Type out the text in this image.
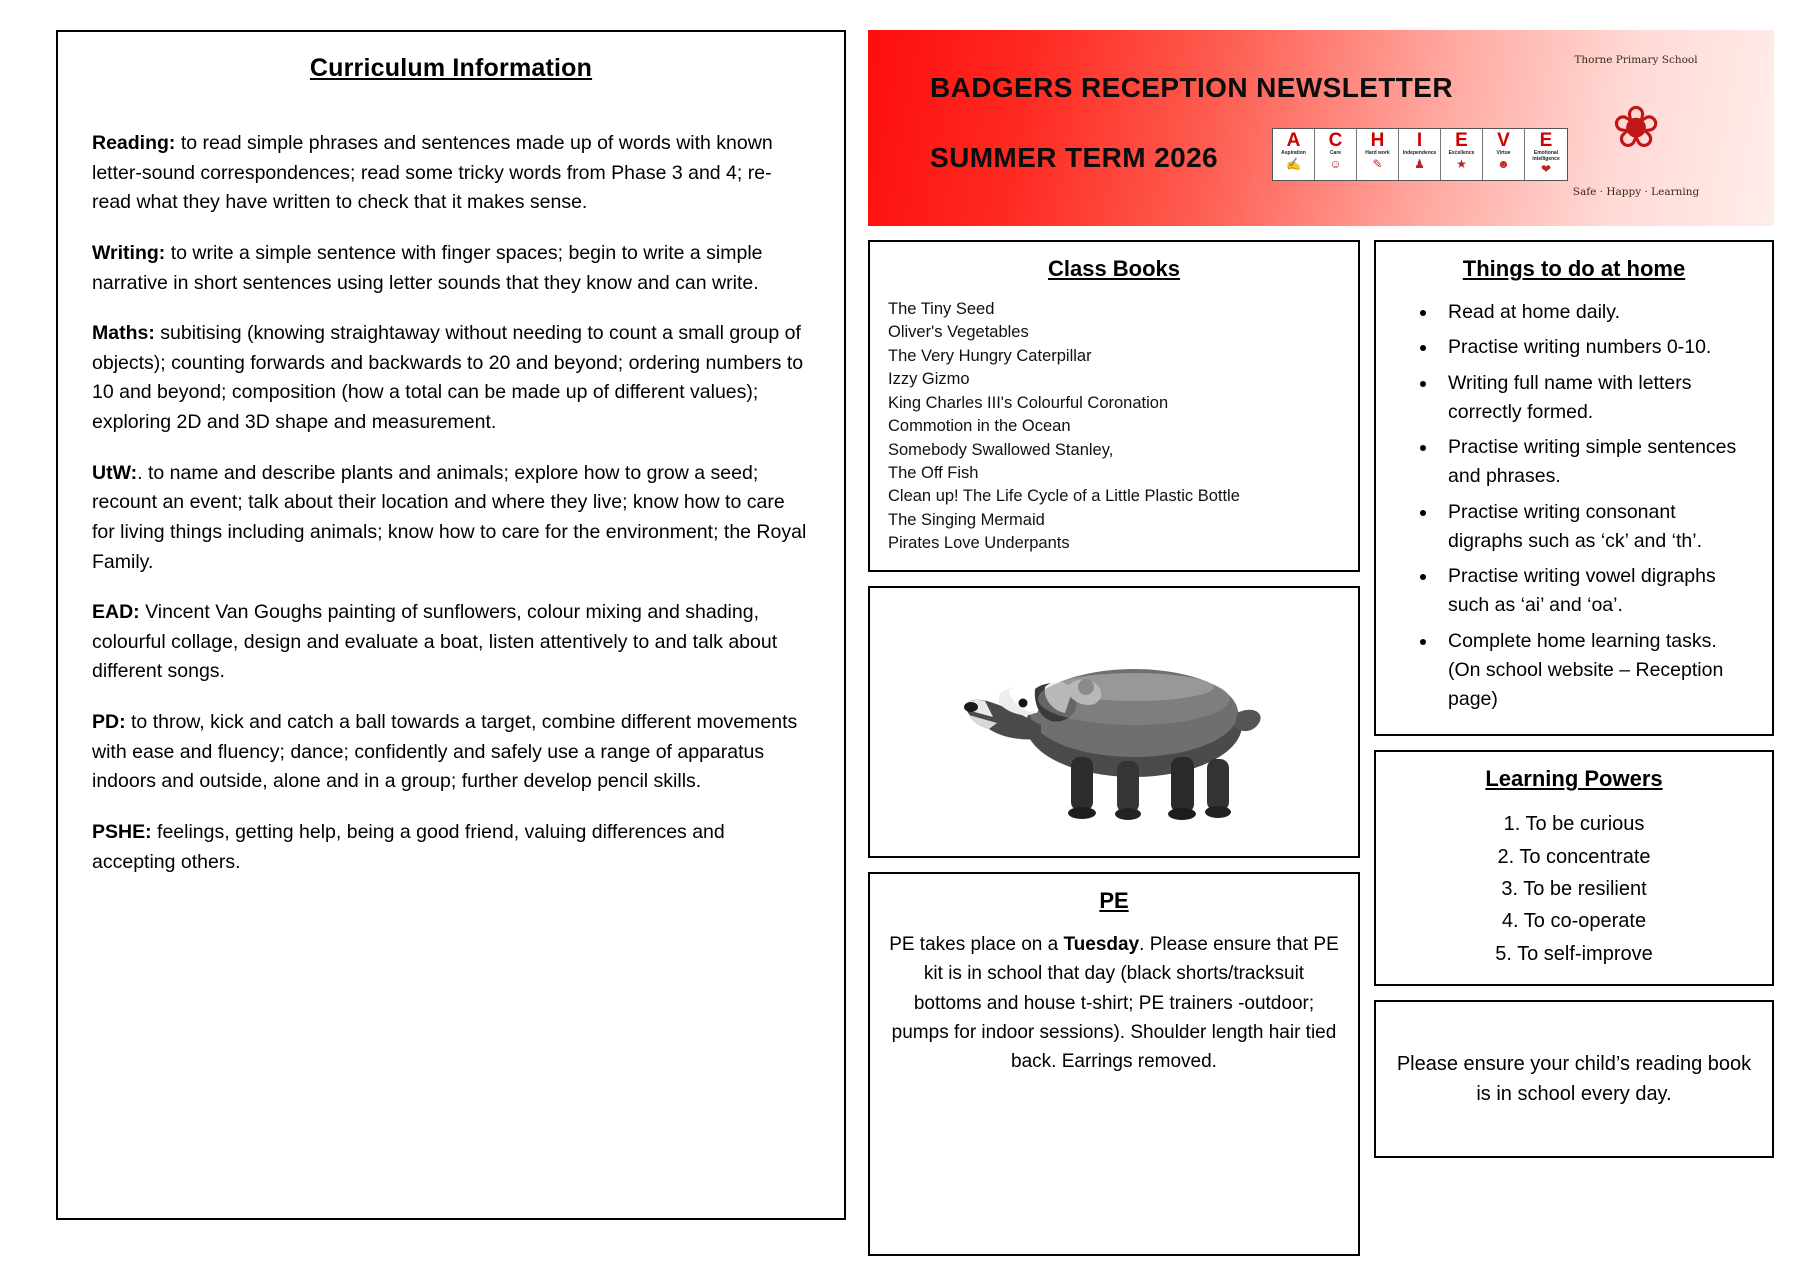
Curriculum Information

Reading: to read simple phrases and sentences made up of words with known letter-sound correspondences; read some tricky words from Phase 3 and 4; re-read what they have written to check that it makes sense.

Writing: to write a simple sentence with finger spaces; begin to write a simple narrative in short sentences using letter sounds that they know and can write.

Maths: subitising (knowing straightaway without needing to count a small group of objects); counting forwards and backwards to 20 and beyond; ordering numbers to 10 and beyond; composition (how a total can be made up of different values); exploring 2D and 3D shape and measurement.

UtW:. to name and describe plants and animals; explore how to grow a seed; recount an event; talk about their location and where they live; know how to care for living things including animals; know how to care for the environment; the Royal Family.

EAD: Vincent Van Goughs painting of sunflowers, colour mixing and shading, colourful collage, design and evaluate a boat, listen attentively to and talk about different songs.

PD: to throw, kick and catch a ball towards a target, combine different movements with ease and fluency; dance; confidently and safely use a range of apparatus indoors and outside, alone and in a group; further develop pencil skills.

PSHE: feelings, getting help, being a good friend, valuing differences and accepting others.

BADGERS RECEPTION NEWSLETTER
SUMMER TERM 2026
A
Aspiration
✍
C
Care
☺
H
Hard work
✎
I
Independence
♟
E
Excellence
★
V
Virtue
☻
E
Emotional intelligence
❤
Thorne Primary School
❀
Safe · Happy · Learning
Class Books
The Tiny Seed
Oliver's Vegetables
The Very Hungry Caterpillar
Izzy Gizmo
King Charles III's Colourful Coronation
Commotion in the Ocean
Somebody Swallowed Stanley,
The Off Fish
Clean up! The Life Cycle of a Little Plastic Bottle
The Singing Mermaid
Pirates Love Underpants
PE
PE takes place on a Tuesday. Please ensure that PE kit is in school that day (black shorts/tracksuit bottoms and house t-shirt; PE trainers -outdoor; pumps for indoor sessions). Shoulder length hair tied back. Earrings removed.
Things to do at home
• Read at home daily.
• Practise writing numbers 0-10.
• Writing full name with letters correctly formed.
• Practise writing simple sentences and phrases.
• Practise writing consonant digraphs such as ‘ck’ and ‘th’.
• Practise writing vowel digraphs such as ‘ai’ and ‘oa’.
• Complete home learning tasks. (On school website – Reception page)
Learning Powers
1. To be curious
2. To concentrate
3. To be resilient
4. To co-operate
5. To self-improve
Please ensure your child’s reading book is in school every day.
